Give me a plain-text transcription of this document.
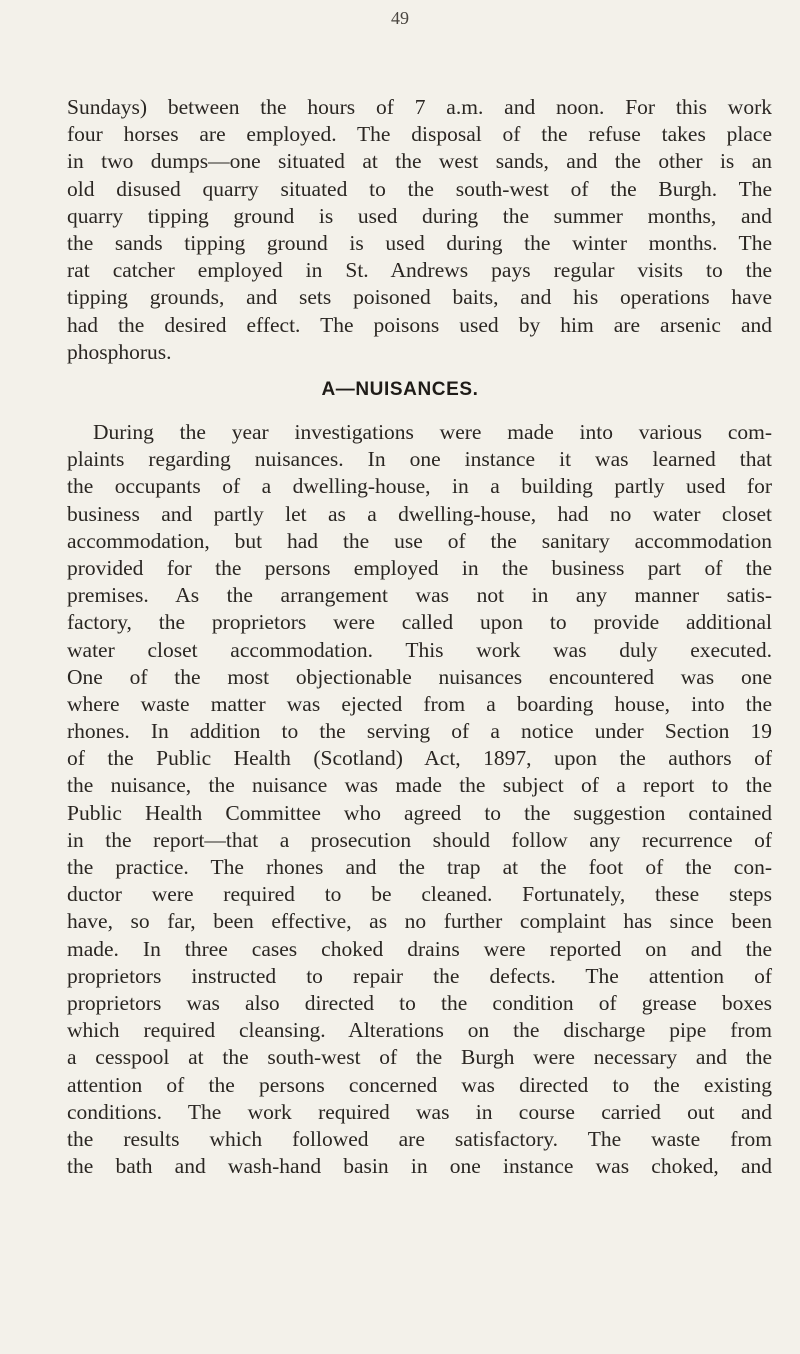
49
Sundays) between the hours of 7 a.m. and noon. For this work
four horses are employed. The disposal of the refuse takes place
in two dumps—one situated at the west sands, and the other is an
old disused quarry situated to the south-west of the Burgh. The
quarry tipping ground is used during the summer months, and
the sands tipping ground is used during the winter months. The
rat catcher employed in St. Andrews pays regular visits to the
tipping grounds, and sets poisoned baits, and his operations have
had the desired effect. The poisons used by him are arsenic and
phosphorus.
A—NUISANCES.
During the year investigations were made into various com-
plaints regarding nuisances. In one instance it was learned that
the occupants of a dwelling-house, in a building partly used for
business and partly let as a dwelling-house, had no water closet
accommodation, but had the use of the sanitary accommodation
provided for the persons employed in the business part of the
premises. As the arrangement was not in any manner satis-
factory, the proprietors were called upon to provide additional
water closet accommodation. This work was duly executed.
One of the most objectionable nuisances encountered was one
where waste matter was ejected from a boarding house, into the
rhones. In addition to the serving of a notice under Section 19
of the Public Health (Scotland) Act, 1897, upon the authors of
the nuisance, the nuisance was made the subject of a report to the
Public Health Committee who agreed to the suggestion contained
in the report—that a prosecution should follow any recurrence of
the practice. The rhones and the trap at the foot of the con-
ductor were required to be cleaned. Fortunately, these steps
have, so far, been effective, as no further complaint has since been
made. In three cases choked drains were reported on and the
proprietors instructed to repair the defects. The attention of
proprietors was also directed to the condition of grease boxes
which required cleansing. Alterations on the discharge pipe from
a cesspool at the south-west of the Burgh were necessary and the
attention of the persons concerned was directed to the existing
conditions. The work required was in course carried out and
the results which followed are satisfactory. The waste from
the bath and wash-hand basin in one instance was choked, and
